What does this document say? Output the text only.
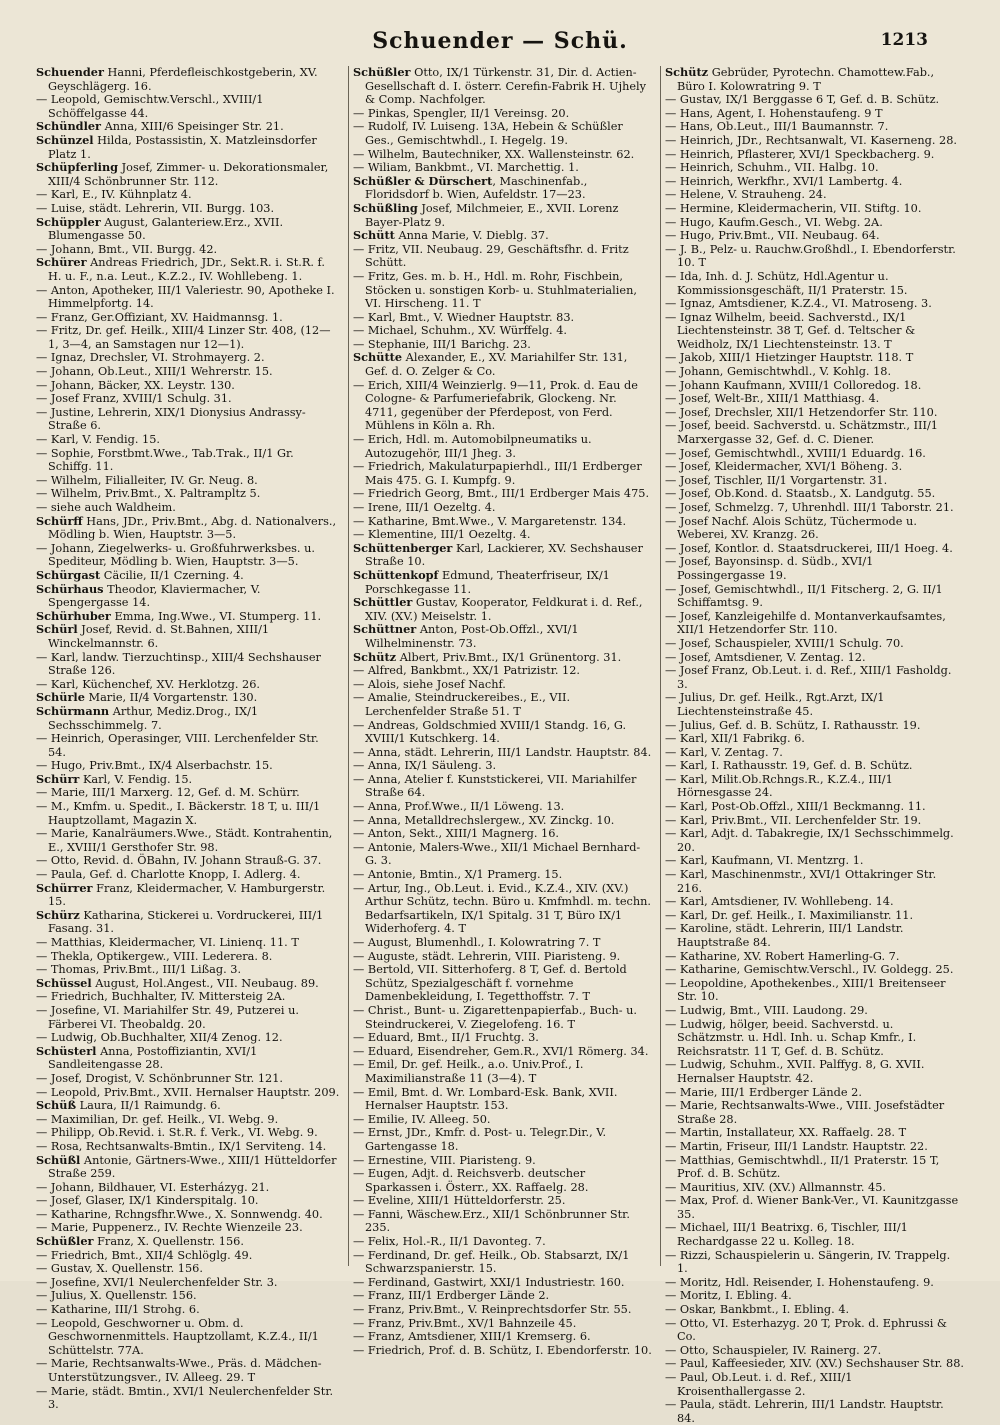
Schuender — Schü.	1213

Schuender Hanni, Pferdefleischkostgeberin, XV. Geyschlägerg. 16.

— Leopold, Gemischtw.Verschl., XVIII/1 Schöffelgasse 44.

Schündler Anna, XIII/6 Speisinger Str. 21.

Schünzel Hilda, Postassistin, X. Matzleinsdorfer Platz 1.

Schüpferling Josef, Zimmer- u. Dekorationsmaler, XIII/4 Schönbrunner Str. 112.

— Karl, E., IV. Kühnplatz 4.

— Luise, städt. Lehrerin, VII. Burgg. 103.

Schüppler August, Galanteriew.Erz., XVII. Blumengasse 50.

— Johann, Bmt., VII. Burgg. 42.

Schürer Andreas Friedrich, JDr., Sekt.R. i. St.R. f. H. u. F., n.a. Leut., K.Z.2., IV. Wohllebeng. 1.

— Anton, Apotheker, III/1 Valeriestr. 90, Apotheke I. Himmelpfortg. 14.

— Franz, Ger.Offiziant, XV. Haidmannsg. 1.

— Fritz, Dr. gef. Heilk., XIII/4 Linzer Str. 408, (12—1, 3—4, an Samstagen nur 12—1).

— Ignaz, Drechsler, VI. Strohmayerg. 2.

— Johann, Ob.Leut., XIII/1 Wehrerstr. 15.

— Johann, Bäcker, XX. Leystr. 130.

— Josef Franz, XVIII/1 Schulg. 31.

— Justine, Lehrerin, XIX/1 Dionysius Andrassy-Straße 6.

— Karl, V. Fendig. 15.

— Sophie, Forstbmt.Wwe., Tab.Trak., II/1 Gr. Schiffg. 11.

— Wilhelm, Filialleiter, IV. Gr. Neug. 8.

— Wilhelm, Priv.Bmt., X. Paltrampltz 5.

— siehe auch Waldheim.

Schürff Hans, JDr., Priv.Bmt., Abg. d. Nationalvers., Mödling b. Wien, Hauptstr. 3—5.

— Johann, Ziegelwerks- u. Großfuhrwerksbes. u. Spediteur, Mödling b. Wien, Hauptstr. 3—5.

Schürgast Cäcilie, II/1 Czerning. 4.

Schürhaus Theodor, Klaviermacher, V. Spengergasse 14.

Schürhuber Emma, Ing.Wwe., VI. Stumperg. 11.

Schürl Josef, Revid. d. St.Bahnen, XIII/1 Winckelmannstr. 6.

— Karl, landw. Tierzuchtinsp., XIII/4 Sechshauser Straße 126.

— Karl, Küchenchef, XV. Herklotzg. 26.

Schürle Marie, II/4 Vorgartenstr. 130.

Schürmann Arthur, Mediz.Drog., IX/1 Sechsschimmelg. 7.

— Heinrich, Operasinger, VIII. Lerchenfelder Str. 54.

— Hugo, Priv.Bmt., IX/4 Alserbachstr. 15.

Schürr Karl, V. Fendig. 15.

— Marie, III/1 Marxerg. 12, Gef. d. M. Schürr.

— M., Kmfm. u. Spedit., I. Bäckerstr. 18 T, u. III/1 Hauptzollamt, Magazin X.

— Marie, Kanalräumers.Wwe., Städt. Kontrahentin, E., XVIII/1 Gersthofer Str. 98.

— Otto, Revid. d. ÖBahn, IV. Johann Strauß-G. 37.

— Paula, Gef. d. Charlotte Knopp, I. Adlerg. 4.

Schürrer Franz, Kleidermacher, V. Hamburgerstr. 15.

Schürz Katharina, Stickerei u. Vordruckerei, III/1 Fasang. 31.

— Matthias, Kleidermacher, VI. Linienq. 11. T

— Thekla, Optikergew., VIII. Lederera. 8.

— Thomas, Priv.Bmt., III/1 Lißag. 3.

Schüssel August, Hol.Angest., VII. Neubaug. 89.

— Friedrich, Buchhalter, IV. Mittersteig 2A.

— Josefine, VI. Mariahilfer Str. 49, Putzerei u. Färberei VI. Theobaldg. 20.

— Ludwig, Ob.Buchhalter, XII/4 Zenog. 12.

Schüsterl Anna, Postoffiziantin, XVI/1 Sandleitengasse 28.

— Josef, Drogist, V. Schönbrunner Str. 121.

— Leopold, Priv.Bmt., XVII. Hernalser Hauptstr. 209.

Schüß Laura, II/1 Raimundg. 6.

— Maximilian, Dr. gef. Heilk., VI. Webg. 9.

— Philipp, Ob.Revid. i. St.R. f. Verk., VI. Webg. 9.

— Rosa, Rechtsanwalts-Bmtin., IX/1 Serviteng. 14.

Schüßl Antonie, Gärtners-Wwe., XIII/1 Hütteldorfer Straße 259.

— Johann, Bildhauer, VI. Esterházyg. 21.

— Josef, Glaser, IX/1 Kinderspitalg. 10.

— Katharine, Rchngsfhr.Wwe., X. Sonnwendg. 40.

— Marie, Puppenerz., IV. Rechte Wienzeile 23.

Schüßler Franz, X. Quellenstr. 156.

— Friedrich, Bmt., XII/4 Schlöglg. 49.

— Gustav, X. Quellenstr. 156.

— Josefine, XVI/1 Neulerchenfelder Str. 3.

— Julius, X. Quellenstr. 156.

— Katharine, III/1 Strohg. 6.

— Leopold, Geschworner u. Obm. d. Geschwornenmittels. Hauptzollamt, K.Z.4., II/1 Schüttelstr. 77A.

— Marie, Rechtsanwalts-Wwe., Präs. d. Mädchen-Unterstützungsver., IV. Alleeg. 29. T

— Marie, städt. Bmtin., XVI/1 Neulerchenfelder Str. 3.

Schüßler Otto, IX/1 Türkenstr. 31, Dir. d. Actien-Gesellschaft d. I. österr. Cerefin-Fabrik H. Ujhely & Comp. Nachfolger.

— Pinkas, Spengler, II/1 Vereinsg. 20.

— Rudolf, IV. Luiseng. 13A, Hebein & Schüßler Ges., Gemischtwhdl., I. Hegelg. 19.

— Wilhelm, Bautechniker, XX. Wallensteinstr. 62.

— Wiliam, Bankbmt., VI. Marchettig. 1.

Schüßler & Dürschert, Maschinenfab., Floridsdorf b. Wien, Aufeldstr. 17—23.

Schüßling Josef, Milchmeier, E., XVII. Lorenz Bayer-Platz 9.

Schütt Anna Marie, V. Dieblg. 37.

— Fritz, VII. Neubaug. 29, Geschäftsfhr. d. Fritz Schütt.

— Fritz, Ges. m. b. H., Hdl. m. Rohr, Fischbein, Stöcken u. sonstigen Korb- u. Stuhlmaterialien, VI. Hirscheng. 11. T

— Karl, Bmt., V. Wiedner Hauptstr. 83.

— Michael, Schuhm., XV. Würffelg. 4.

— Stephanie, III/1 Barichg. 23.

Schütte Alexander, E., XV. Mariahilfer Str. 131, Gef. d. O. Zelger & Co.

— Erich, XIII/4 Weinzierlg. 9—11, Prok. d. Eau de Cologne- & Parfumeriefabrik, Glockeng. Nr. 4711, gegenüber der Pferdepost, von Ferd. Mühlens in Köln a. Rh.

— Erich, Hdl. m. Automobilpneumatiks u. Autozugehör, III/1 Jheg. 3.

— Friedrich, Makulaturpapierhdl., III/1 Erdberger Mais 475. G. I. Kumpfg. 9.

— Friedrich Georg, Bmt., III/1 Erdberger Mais 475.

— Irene, III/1 Oezeltg. 4.

— Katharine, Bmt.Wwe., V. Margaretenstr. 134.

— Klementine, III/1 Oezeltg. 4.

Schüttenberger Karl, Lackierer, XV. Sechshauser Straße 10.

Schüttenkopf Edmund, Theaterfriseur, IX/1 Porschkegasse 11.

Schüttler Gustav, Kooperator, Feldkurat i. d. Ref., XIV. (XV.) Meiselstr. 1.

Schüttner Anton, Post-Ob.Offzl., XVI/1 Wilhelminenstr. 73.

Schütz Albert, Priv.Bmt., IX/1 Grünentorg. 31.

— Alfred, Bankbmt., XX/1 Patrizistr. 12.

— Alois, siehe Josef Nachf.

— Amalie, Steindruckereibes., E., VII. Lerchenfelder Straße 51. T

— Andreas, Goldschmied XVIII/1 Standg. 16, G. XVIII/1 Kutschkerg. 14.

— Anna, städt. Lehrerin, III/1 Landstr. Hauptstr. 84.

— Anna, IX/1 Säuleng. 3.

— Anna, Atelier f. Kunststickerei, VII. Mariahilfer Straße 64.

— Anna, Prof.Wwe., II/1 Löweng. 13.

— Anna, Metalldrechslergew., XV. Zinckg. 10.

— Anton, Sekt., XIII/1 Magnerg. 16.

— Antonie, Malers-Wwe., XII/1 Michael Bernhard-G. 3.

— Antonie, Bmtin., X/1 Pramerg. 15.

— Artur, Ing., Ob.Leut. i. Evid., K.Z.4., XIV. (XV.) Arthur Schütz, techn. Büro u. Kmfmhdl. m. techn. Bedarfsartikeln, IX/1 Spitalg. 31 T, Büro IX/1 Widerhoferg. 4. T

— August, Blumenhdl., I. Kolowratring 7. T

— Auguste, städt. Lehrerin, VIII. Piaristeng. 9.

— Bertold, VII. Sitterhoferg. 8 T, Gef. d. Bertold Schütz, Spezialgeschäft f. vornehme Damenbekleidung, I. Tegetthoffstr. 7. T

— Christ., Bunt- u. Zigarettenpapierfab., Buch- u. Steindruckerei, V. Ziegelofeng. 16. T

— Eduard, Bmt., II/1 Fruchtg. 3.

— Eduard, Eisendreher, Gem.R., XVI/1 Römerg. 34.

— Emil, Dr. gef. Heilk., a.o. Univ.Prof., I. Maximilianstraße 11 (3—4). T

— Emil, Bmt. d. Wr. Lombard-Esk. Bank, XVII. Hernalser Hauptstr. 153.

— Emilie, IV. Alleeg. 50.

— Ernst, JDr., Kmfr. d. Post- u. Telegr.Dir., V. Gartengasse 18.

— Ernestine, VIII. Piaristeng. 9.

— Eugen, Adjt. d. Reichsverb. deutscher Sparkassen i. Österr., XX. Raffaelg. 28.

— Eveline, XIII/1 Hütteldorferstr. 25.

— Fanni, Wäschew.Erz., XII/1 Schönbrunner Str. 235.

— Felix, Hol.-R., II/1 Davonteg. 7.

— Ferdinand, Dr. gef. Heilk., Ob. Stabsarzt, IX/1 Schwarzspanierstr. 15.

— Ferdinand, Gastwirt, XXI/1 Industriestr. 160.

— Franz, III/1 Erdberger Lände 2.

— Franz, Priv.Bmt., V. Reinprechtsdorfer Str. 55.

— Franz, Priv.Bmt., XV/1 Bahnzeile 45.

— Franz, Amtsdiener, XIII/1 Kremserg. 6.

— Friedrich, Prof. d. B. Schütz, I. Ebendorferstr. 10.

Schütz Gebrüder, Pyrotechn. Chamottew.Fab., Büro I. Kolowratring 9. T

— Gustav, IX/1 Berggasse 6 T, Gef. d. B. Schütz.

— Hans, Agent, I. Hohenstaufeng. 9 T

— Hans, Ob.Leut., III/1 Baumannstr. 7.

— Heinrich, JDr., Rechtsanwalt, VI. Kaserneng. 28.

— Heinrich, Pflasterer, XVI/1 Speckbacherg. 9.

— Heinrich, Schuhm., VII. Halbg. 10.

— Heinrich, Werkfhr., XVI/1 Lambertg. 4.

— Helene, V. Strauheng. 24.

— Hermine, Kleidermacherin, VII. Stiftg. 10.

— Hugo, Kaufm.Gesch., VI. Webg. 2A.

— Hugo, Priv.Bmt., VII. Neubaug. 64.

— J. B., Pelz- u. Rauchw.Großhdl., I. Ebendorferstr. 10. T

— Ida, Inh. d. J. Schütz, Hdl.Agentur u. Kommissionsgeschäft, II/1 Praterstr. 15.

— Ignaz, Amtsdiener, K.Z.4., VI. Matroseng. 3.

— Ignaz Wilhelm, beeid. Sachverstd., IX/1 Liechtensteinstr. 38 T, Gef. d. Teltscher & Weidholz, IX/1 Liechtensteinstr. 13. T

— Jakob, XIII/1 Hietzinger Hauptstr. 118. T

— Johann, Gemischtwhdl., V. Kohlg. 18.

— Johann Kaufmann, XVIII/1 Colloredog. 18.

— Josef, Welt-Br., XIII/1 Matthiasg. 4.

— Josef, Drechsler, XII/1 Hetzendorfer Str. 110.

— Josef, beeid. Sachverstd. u. Schätzmstr., III/1 Marxergasse 32, Gef. d. C. Diener.

— Josef, Gemischtwhdl., XVIII/1 Eduardg. 16.

— Josef, Kleidermacher, XVI/1 Böheng. 3.

— Josef, Tischler, II/1 Vorgartenstr. 31.

— Josef, Ob.Kond. d. Staatsb., X. Landgutg. 55.

— Josef, Schmelzg. 7, Uhrenhdl. III/1 Taborstr. 21.

— Josef Nachf. Alois Schütz, Tüchermode u. Weberei, XV. Kranzg. 26.

— Josef, Kontlor. d. Staatsdruckerei, III/1 Hoeg. 4.

— Josef, Bayonsinsp. d. Südb., XVI/1 Possingergasse 19.

— Josef, Gemischtwhdl., II/1 Fitscherg. 2, G. II/1 Schiffamtsg. 9.

— Josef, Kanzleigehilfe d. Montanverkaufsamtes, XII/1 Hetzendorfer Str. 110.

— Josef, Schauspieler, XVIII/1 Schulg. 70.

— Josef, Amtsdiener, V. Zentag. 12.

— Josef Franz, Ob.Leut. i. d. Ref., XIII/1 Fasholdg. 3.

— Julius, Dr. gef. Heilk., Rgt.Arzt, IX/1 Liechtensteinstraße 45.

— Julius, Gef. d. B. Schütz, I. Rathausstr. 19.

— Karl, XII/1 Fabrikg. 6.

— Karl, V. Zentag. 7.

— Karl, I. Rathausstr. 19, Gef. d. B. Schütz.

— Karl, Milit.Ob.Rchngs.R., K.Z.4., III/1 Hörnesgasse 24.

— Karl, Post-Ob.Offzl., XIII/1 Beckmanng. 11.

— Karl, Priv.Bmt., VII. Lerchenfelder Str. 19.

— Karl, Adjt. d. Tabakregie, IX/1 Sechsschimmelg. 20.

— Karl, Kaufmann, VI. Mentzrg. 1.

— Karl, Maschinenmstr., XVI/1 Ottakringer Str. 216.

— Karl, Amtsdiener, IV. Wohllebeng. 14.

— Karl, Dr. gef. Heilk., I. Maximilianstr. 11.

— Karoline, städt. Lehrerin, III/1 Landstr. Hauptstraße 84.

— Katharine, XV. Robert Hamerling-G. 7.

— Katharine, Gemischtw.Verschl., IV. Goldegg. 25.

— Leopoldine, Apothekenbes., XIII/1 Breitenseer Str. 10.

— Ludwig, Bmt., VIII. Laudong. 29.

— Ludwig, hölger, beeid. Sachverstd. u. Schätzmstr. u. Hdl. Inh. u. Schap Kmfr., I. Reichsratstr. 11 T, Gef. d. B. Schütz.

— Ludwig, Schuhm., XVII. Palffyg. 8, G. XVII. Hernalser Hauptstr. 42.

— Marie, III/1 Erdberger Lände 2.

— Marie, Rechtsanwalts-Wwe., VIII. Josefstädter Straße 28.

— Martin, Installateur, XX. Raffaelg. 28. T

— Martin, Friseur, III/1 Landstr. Hauptstr. 22.

— Matthias, Gemischtwhdl., II/1 Praterstr. 15 T, Prof. d. B. Schütz.

— Mauritius, XIV. (XV.) Allmannstr. 45.

— Max, Prof. d. Wiener Bank-Ver., VI. Kaunitzgasse 35.

— Michael, III/1 Beatrixg. 6, Tischler, III/1 Rechardgasse 22 u. Kolleg. 18.

— Rizzi, Schauspielerin u. Sängerin, IV. Trappelg. 1.

— Moritz, Hdl. Reisender, I. Hohenstaufeng. 9.

— Moritz, I. Ebling. 4.

— Oskar, Bankbmt., I. Ebling. 4.

— Otto, VI. Esterhazyg. 20 T, Prok. d. Ephrussi & Co.

— Otto, Schauspieler, IV. Rainerg. 27.

— Paul, Kaffeesieder, XIV. (XV.) Sechshauser Str. 88.

— Paul, Ob.Leut. i. d. Ref., XIII/1 Kroisenthallergasse 2.

— Paula, städt. Lehrerin, III/1 Landstr. Hauptstr. 84.
